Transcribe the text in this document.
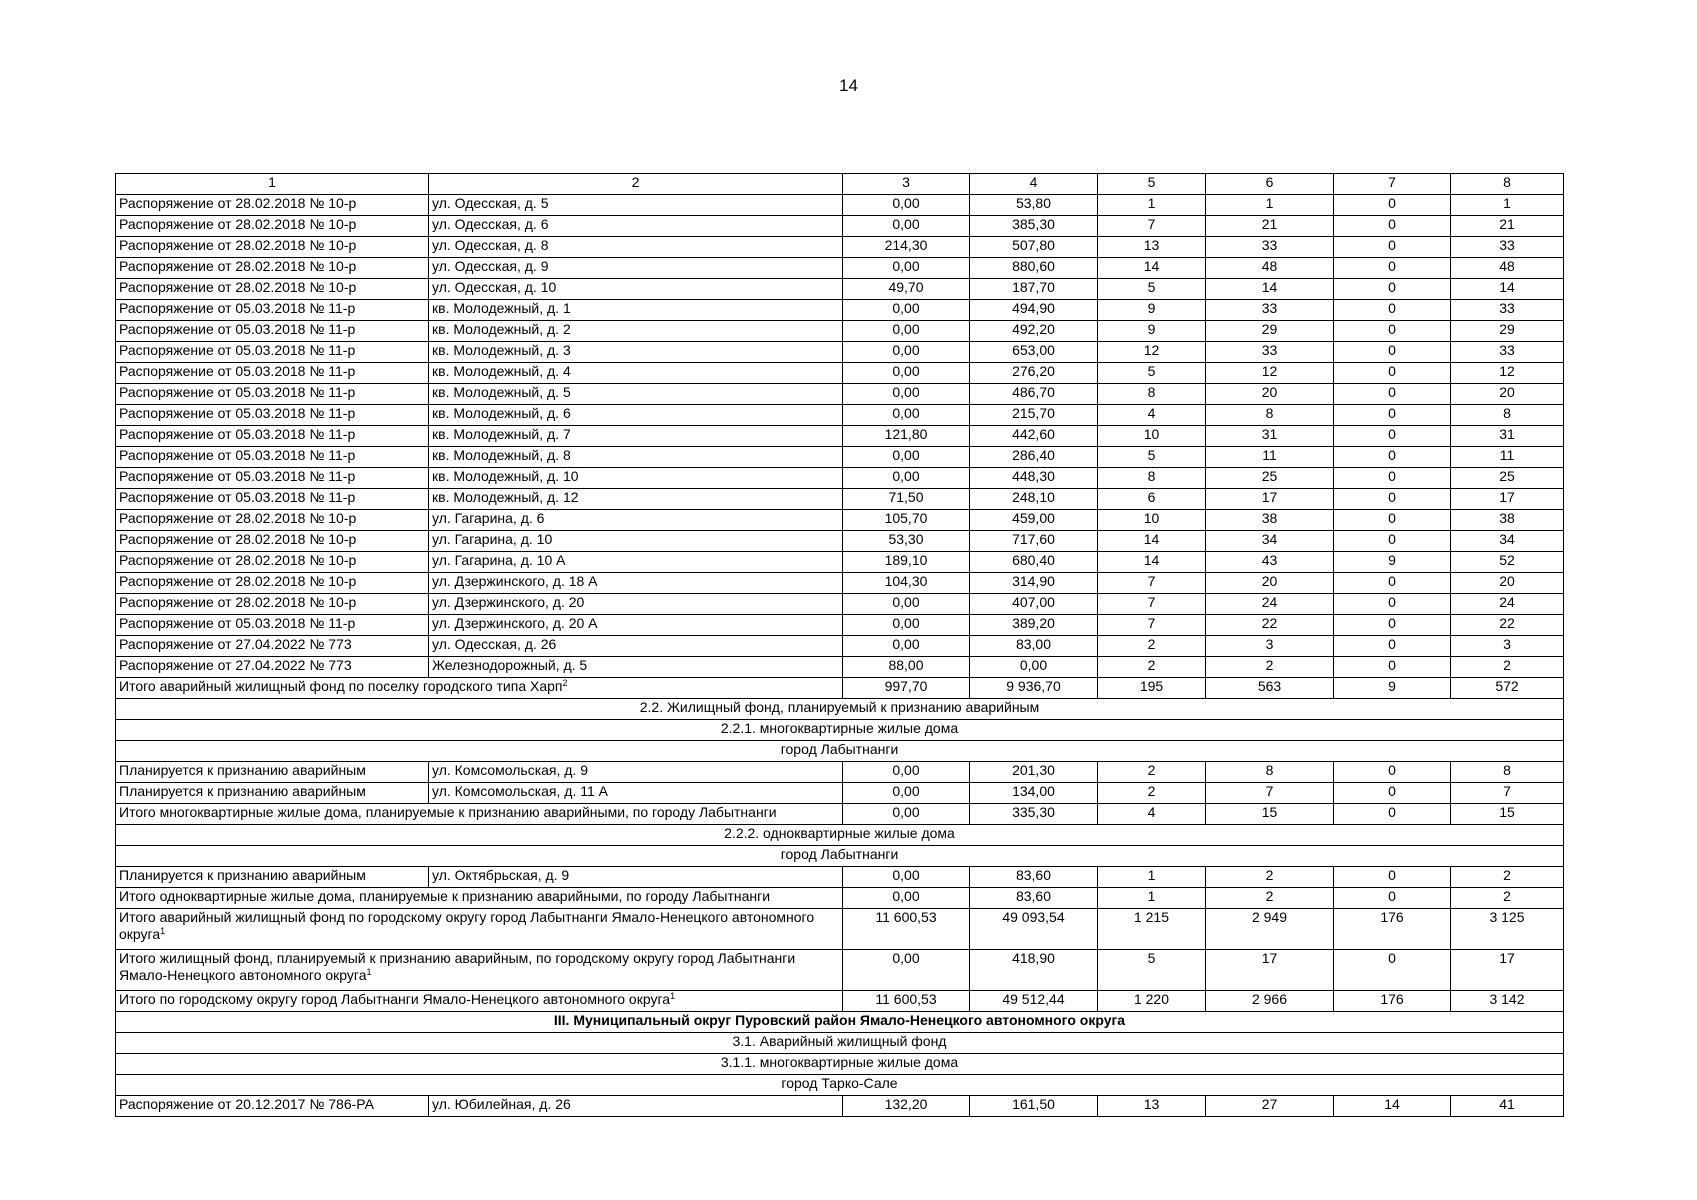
14
1	2	3	4	5	6	7	8
Распоряжение от 28.02.2018 № 10-р	ул. Одесская, д. 5	0,00	53,80	1	1	0	1
Распоряжение от 28.02.2018 № 10-р	ул. Одесская, д. 6	0,00	385,30	7	21	0	21
Распоряжение от 28.02.2018 № 10-р	ул. Одесская, д. 8	214,30	507,80	13	33	0	33
Распоряжение от 28.02.2018 № 10-р	ул. Одесская, д. 9	0,00	880,60	14	48	0	48
Распоряжение от 28.02.2018 № 10-р	ул. Одесская, д. 10	49,70	187,70	5	14	0	14
Распоряжение от 05.03.2018 № 11-р	кв. Молодежный, д. 1	0,00	494,90	9	33	0	33
Распоряжение от 05.03.2018 № 11-р	кв. Молодежный, д. 2	0,00	492,20	9	29	0	29
Распоряжение от 05.03.2018 № 11-р	кв. Молодежный, д. 3	0,00	653,00	12	33	0	33
Распоряжение от 05.03.2018 № 11-р	кв. Молодежный, д. 4	0,00	276,20	5	12	0	12
Распоряжение от 05.03.2018 № 11-р	кв. Молодежный, д. 5	0,00	486,70	8	20	0	20
Распоряжение от 05.03.2018 № 11-р	кв. Молодежный, д. 6	0,00	215,70	4	8	0	8
Распоряжение от 05.03.2018 № 11-р	кв. Молодежный, д. 7	121,80	442,60	10	31	0	31
Распоряжение от 05.03.2018 № 11-р	кв. Молодежный, д. 8	0,00	286,40	5	11	0	11
Распоряжение от 05.03.2018 № 11-р	кв. Молодежный, д. 10	0,00	448,30	8	25	0	25
Распоряжение от 05.03.2018 № 11-р	кв. Молодежный, д. 12	71,50	248,10	6	17	0	17
Распоряжение от 28.02.2018 № 10-р	ул. Гагарина, д. 6	105,70	459,00	10	38	0	38
Распоряжение от 28.02.2018 № 10-р	ул. Гагарина, д. 10	53,30	717,60	14	34	0	34
Распоряжение от 28.02.2018 № 10-р	ул. Гагарина, д. 10 А	189,10	680,40	14	43	9	52
Распоряжение от 28.02.2018 № 10-р	ул. Дзержинского, д. 18 А	104,30	314,90	7	20	0	20
Распоряжение от 28.02.2018 № 10-р	ул. Дзержинского, д. 20	0,00	407,00	7	24	0	24
Распоряжение от 05.03.2018 № 11-р	ул. Дзержинского, д. 20 А	0,00	389,20	7	22	0	22
Распоряжение от 27.04.2022 № 773	ул. Одесская, д. 26	0,00	83,00	2	3	0	3
Распоряжение от 27.04.2022 № 773	Железнодорожный, д. 5	88,00	0,00	2	2	0	2
Итого аварийный жилищный фонд по поселку городского типа Харп$^2$		997,70	9 936,70	195	563	9	572
2.2. Жилищный фонд, планируемый к признанию аварийным							
2.2.1. многоквартирные жилые дома							
город Лабытнанги							
Планируется к признанию аварийным	ул. Комсомольская, д. 9	0,00	201,30	2	8	0	8
Планируется к признанию аварийным	ул. Комсомольская, д. 11 А	0,00	134,00	2	7	0	7
Итого многоквартирные жилые дома, планируемые к признанию аварийными, по городу Лабытнанги		0,00	335,30	4	15	0	15
2.2.2. одноквартирные жилые дома							
город Лабытнанги							
Планируется к признанию аварийным	ул. Октябрьская, д. 9	0,00	83,60	1	2	0	2
Итого одноквартирные жилые дома, планируемые к признанию аварийными, по городу Лабытнанги		0,00	83,60	1	2	0	2
Итого аварийный жилищный фонд по городскому округу город Лабытнанги Ямало-Ненецкого автономного округа$^1$		11 600,53	49 093,54	1 215	2 949	176	3 125
Итого жилищный фонд, планируемый к признанию аварийным, по городскому округу город Лабытнанги Ямало-Ненецкого автономного округа$^1$		0,00	418,90	5	17	0	17
Итого по городскому округу город Лабытнанги Ямало-Ненецкого автономного округа$^1$		11 600,53	49 512,44	1 220	2 966	176	3 142
III. Муниципальный округ Пуровский район Ямало-Ненецкого автономного округа							
3.1. Аварийный жилищный фонд							
3.1.1. многоквартирные жилые дома							
город Тарко-Сале							
Распоряжение от 20.12.2017 № 786-РА	ул. Юбилейная, д. 26	132,20	161,50	13	27	14	41
